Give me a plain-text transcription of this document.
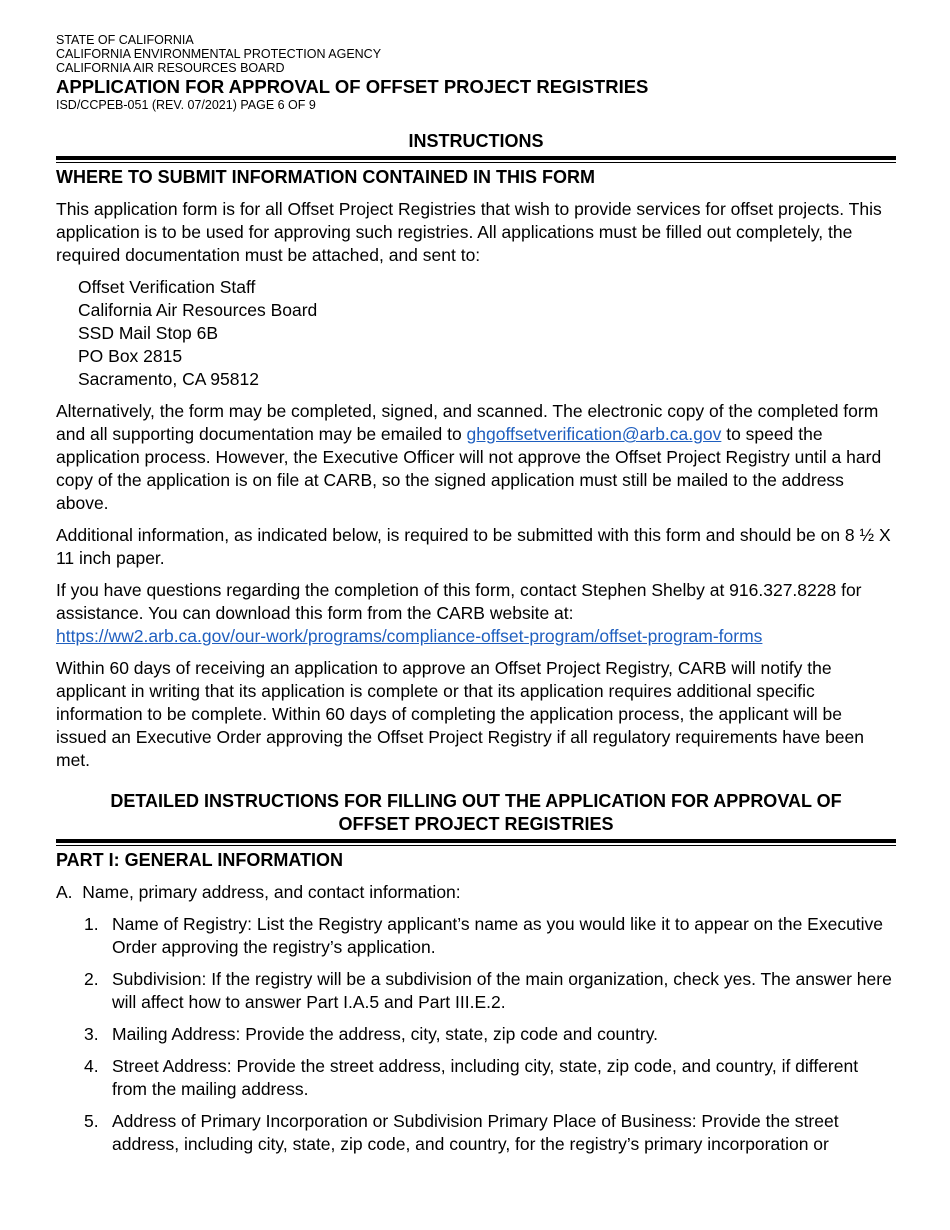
STATE OF CALIFORNIA
CALIFORNIA ENVIRONMENTAL PROTECTION AGENCY
CALIFORNIA AIR RESOURCES BOARD
APPLICATION FOR APPROVAL OF OFFSET PROJECT REGISTRIES
ISD/CCPEB-051 (REV. 07/2021) PAGE 6 OF 9
INSTRUCTIONS
WHERE TO SUBMIT INFORMATION CONTAINED IN THIS FORM

This application form is for all Offset Project Registries that wish to provide services for offset projects. This application is to be used for approving such registries. All applications must be filled out completely, the required documentation must be attached, and sent to:

Offset Verification Staff
California Air Resources Board
SSD Mail Stop 6B
PO Box 2815
Sacramento, CA 95812

Alternatively, the form may be completed, signed, and scanned. The electronic copy of the completed form and all supporting documentation may be emailed to ghgoffsetverification@arb.ca.gov to speed the application process. However, the Executive Officer will not approve the Offset Project Registry until a hard copy of the application is on file at CARB, so the signed application must still be mailed to the address above.

Additional information, as indicated below, is required to be submitted with this form and should be on 8 ½ X 11 inch paper.

If you have questions regarding the completion of this form, contact Stephen Shelby at 916.327.8228 for assistance. You can download this form from the CARB website at:
https://ww2.arb.ca.gov/our-work/programs/compliance-offset-program/offset-program-forms

Within 60 days of receiving an application to approve an Offset Project Registry, CARB will notify the applicant in writing that its application is complete or that its application requires additional specific information to be complete. Within 60 days of completing the application process, the applicant will be issued an Executive Order approving the Offset Project Registry if all regulatory requirements have been met.

DETAILED INSTRUCTIONS FOR FILLING OUT THE APPLICATION FOR APPROVAL OF
OFFSET PROJECT REGISTRIES
PART I: GENERAL INFORMATION

A. Name, primary address, and contact information:

1. Name of Registry: List the Registry applicant’s name as you would like it to appear on the Executive Order approving the registry’s application.
2. Subdivision: If the registry will be a subdivision of the main organization, check yes. The answer here will affect how to answer Part I.A.5 and Part III.E.2.
3. Mailing Address: Provide the address, city, state, zip code and country.
4. Street Address: Provide the street address, including city, state, zip code, and country, if different from the mailing address.
5. Address of Primary Incorporation or Subdivision Primary Place of Business: Provide the street address, including city, state, zip code, and country, for the registry’s primary incorporation or
